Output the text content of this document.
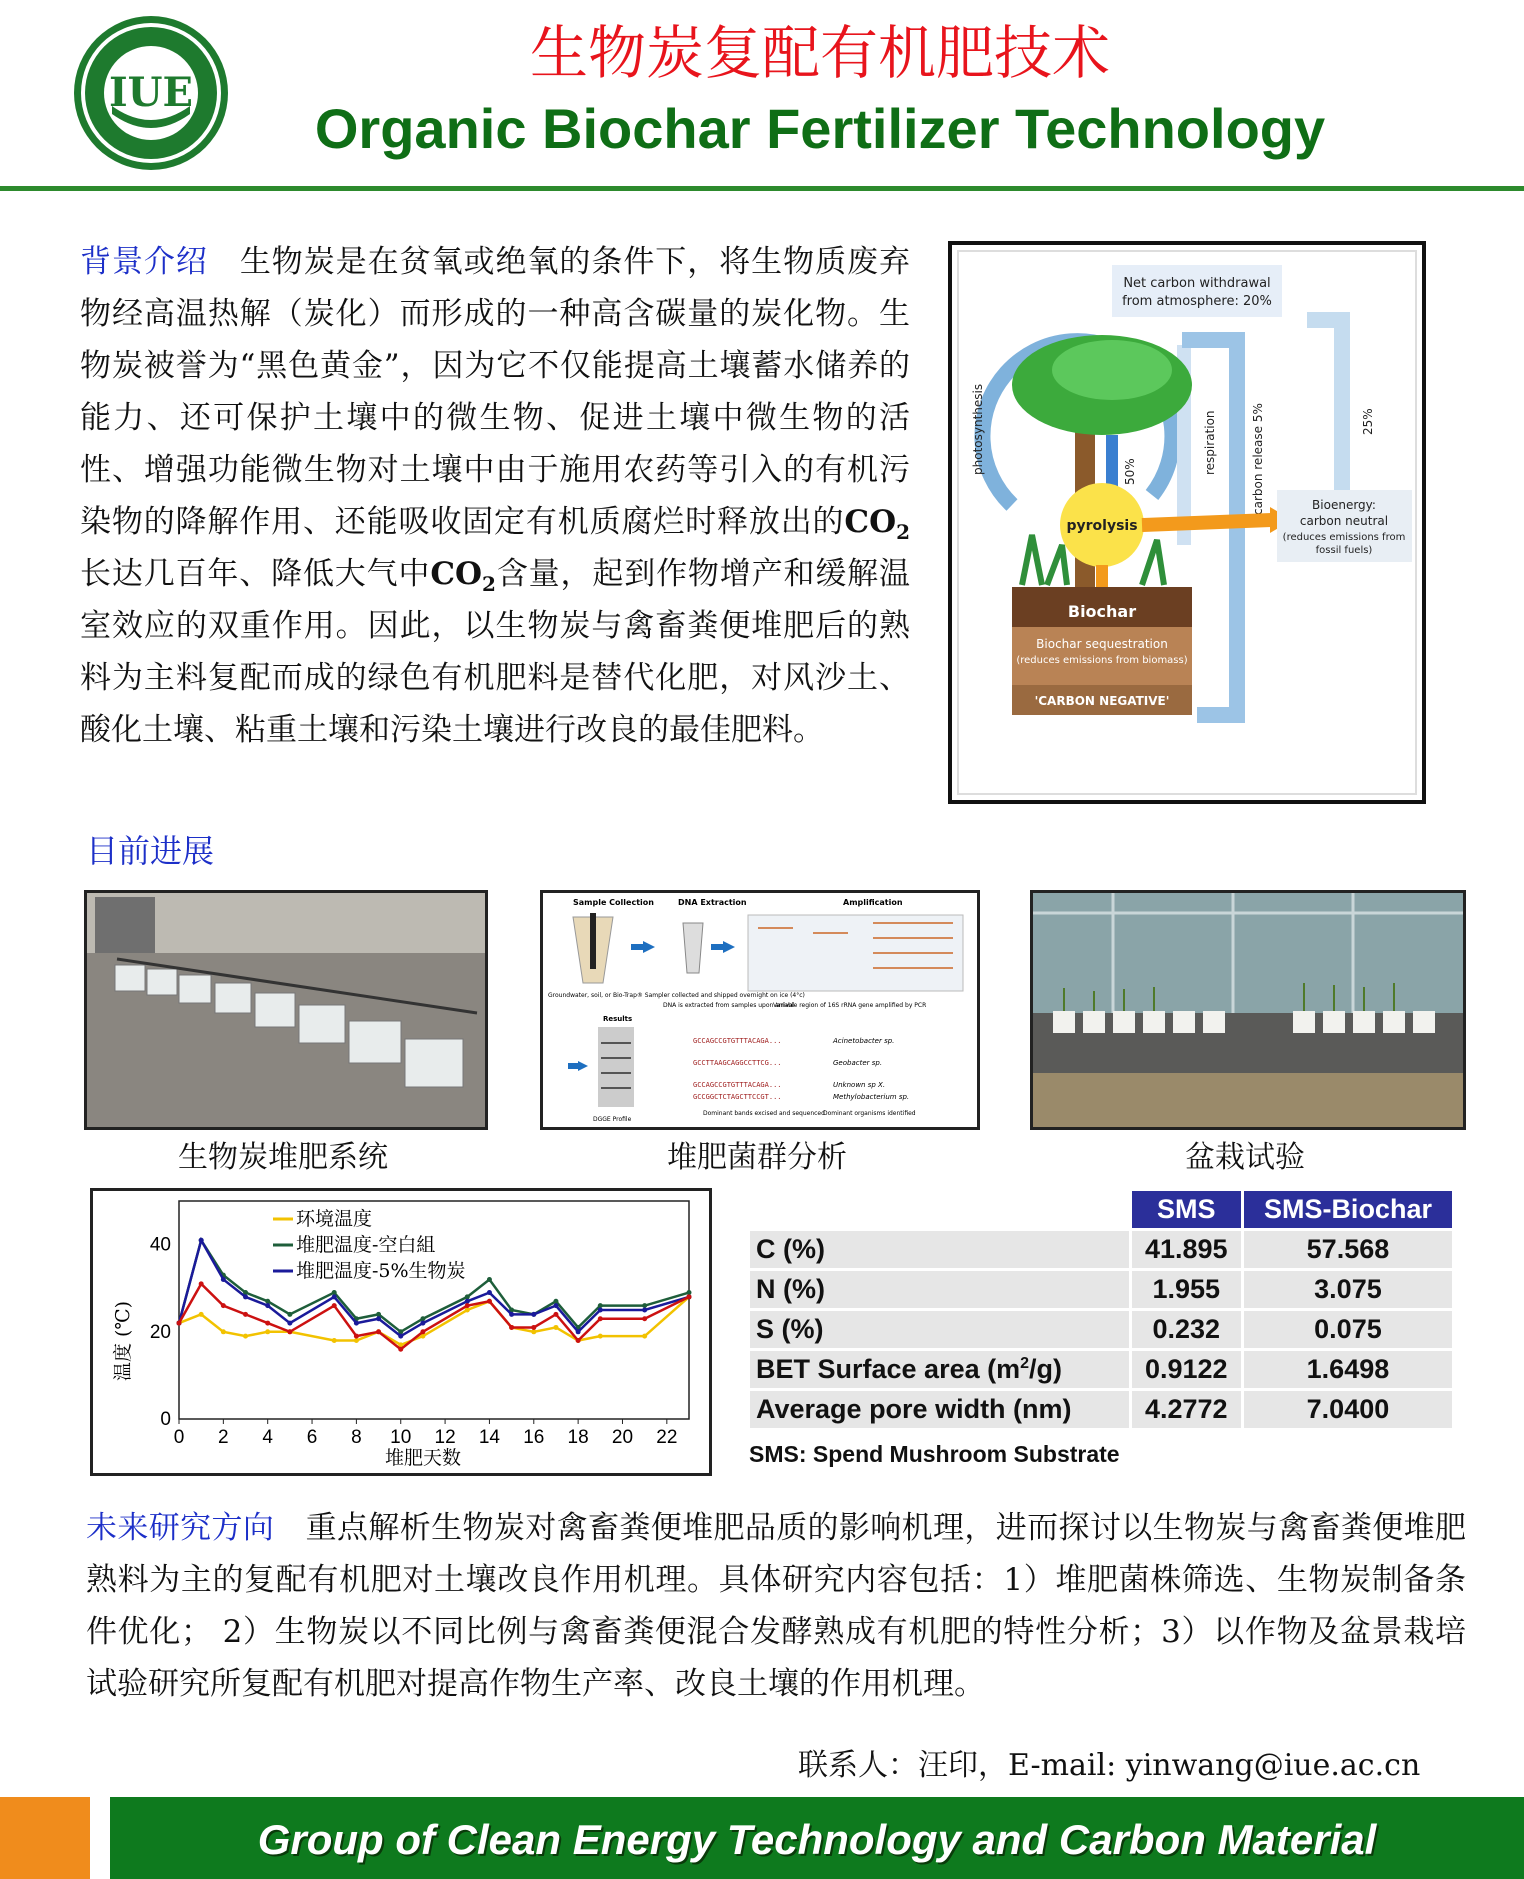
IUE
生物炭复配有机肥技术
Organic Biochar Fertilizer Technology
背景介绍　 生物炭是在贫氧或绝氧的条件下，将生物质废弃物经高温热解（炭化）而形成的一种高含碳量的炭化物。生物炭被誉为“黑色黄金”，因为它不仅能提高土壤蓄水储养的能力、还可保护土壤中的微生物、促进土壤中微生物的活性、增强功能微生物对土壤中由于施用农药等引入的有机污染物的降解作用、还能吸收固定有机质腐烂时释放出的$CO_2$长达几百年、降低大气中$CO_2$含量，起到作物增产和缓解温室效应的双重作用。因此，以生物炭与禽畜粪便堆肥后的熟料为主料复配而成的绿色有机肥料是替代化肥，对风沙土、酸化土壤、粘重土壤和污染土壤进行改良的最佳肥料。
Net carbon withdrawal
from atmosphere: 20%
photosynthesis	respiration	carbon release 5%	25%
50%
pyrolysis
Bioenergy:
carbon neutral
(reduces emissions from
fossil fuels)
Biochar
Biochar sequestration
(reduces emissions from biomass)
'CARBON NEGATIVE'
目前进展
Sample Collection	DNA Extraction	Amplification
Groundwater, soil, or Bio-Trap® Sampler collected and shipped overnight on ice (4°c)
DNA is extracted from samples upon arrival
Variable region of 16S rRNA gene amplified by PCR
Results
DGGE Profile
GCCAGCCGTGTTTACAGA...
GCCTTAAGCAGGCCTTCG...
GCCAGCCGTGTTTACAGA...
GCCGGCTCTAGCTTCCGT...
Acinetobacter sp.
Geobacter sp.
Unknown sp X.
Methylobacterium sp.
Dominant bands excised and sequenced
Dominant organisms identified
生物炭堆肥系统	堆肥菌群分析	盆栽试验
0 2 4 6 8 10 12 14 16 18 20 22
0
20
40
温度 (℃)
堆肥天数
环境温度
堆肥温度-空白組
堆肥温度-5%生物炭
	SMS	SMS-Biochar
C (%)	41.895	57.568
N (%)	1.955	3.075
S (%)	0.232	0.075
BET Surface area $(m^2/g)$	0.9122	1.6498
Average pore width (nm)	4.2772	7.0400
SMS: Spend Mushroom Substrate
未来研究方向　 重点解析生物炭对禽畜粪便堆肥品质的影响机理，进而探讨以生物炭与禽畜粪便堆肥熟料为主的复配有机肥对土壤改良作用机理。具体研究内容包括：1）堆肥菌株筛选、生物炭制备条件优化； 2）生物炭以不同比例与禽畜粪便混合发酵熟成有机肥的特性分析；3）以作物及盆景栽培试验研究所复配有机肥对提高作物生产率、改良土壤的作用机理。
联系人：汪印，E-mail: yinwang@iue.ac.cn
Group of Clean Energy Technology and Carbon Material
